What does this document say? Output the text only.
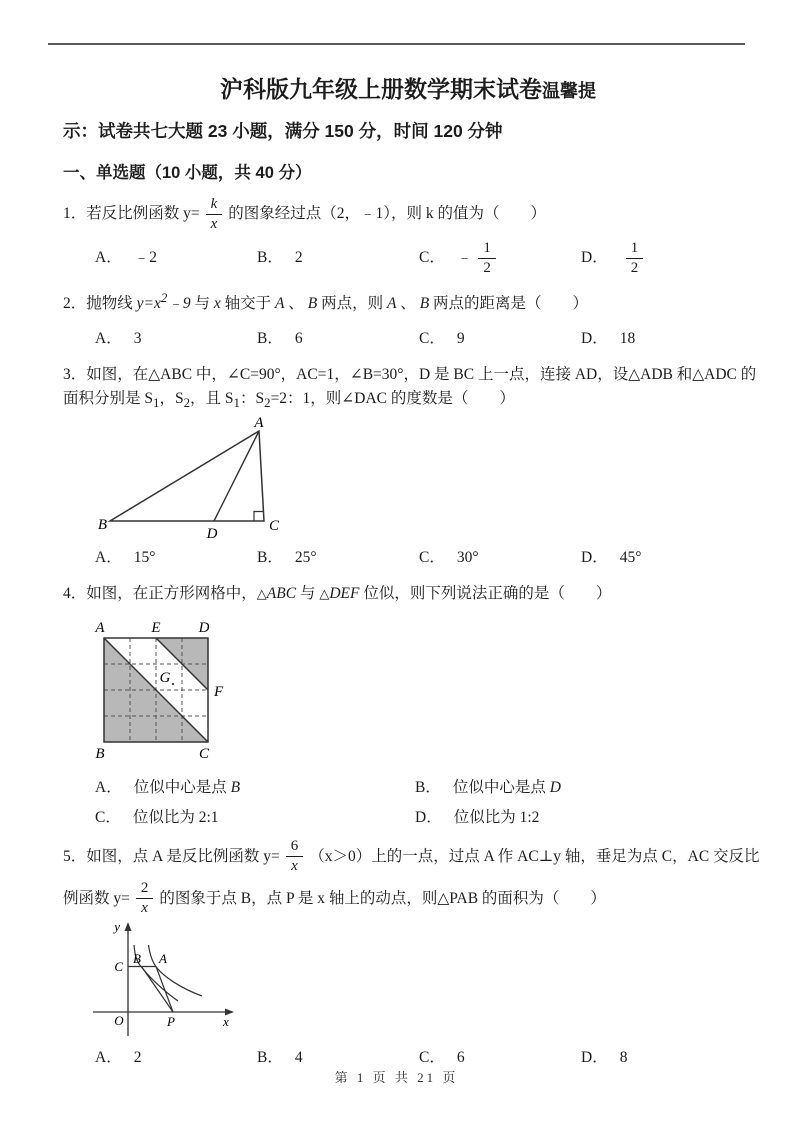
沪科版九年级上册数学期末试卷温馨提
示：试卷共七大题 23 小题，满分 150 分，时间 120 分钟
一、单选题（10 小题，共 40 分）
1．若反比例函数 $y= \frac{k}{x}$ 的图象经过点（2，﹣1），则 k 的值为（　　）
A． ﹣2	B． 2	C． ﹣ $\frac{1}{2}$	D． $\frac{1}{2}$
2．抛物线 $y=x^2﹣9$ 与 x 轴交于 A 、 B 两点，则 A 、 B 两点的距离是（　　）
A． 3	B． 6	C． 9	D． 18
3．如图，在△ABC 中，∠C=90°，AC=1，∠B=30°，D 是 BC 上一点，连接 AD，设△ADB 和△ADC 的
面积分别是 $S_1$，$S_2$，且 $S_1$：$S_2=2$：1，则∠DAC 的度数是（　　）
A
B	C
D
A． 15°	B． 25°	C． 30°	D． 45°
4．如图，在正方形网格中，△ABC 与 △DEF 位似，则下列说法正确的是（　　）
A	E	D
B	C
F
G
A． 位似中心是点 B	B． 位似中心是点 D
C． 位似比为 2:1	D． 位似比为 1:2
5．如图，点 A 是反比例函数 $y= \frac{6}{x} (x>0)$上的一点，过点 A 作 AC⊥y 轴，垂足为点 C，AC 交反比
例函数 $y= \frac{2}{x}$ 的图象于点 B，点 P 是 x 轴上的动点，则△PAB 的面积为（　　）
y
x
O
C
B A
P
A． 2	B． 4	C． 6	D． 8
第 1 页 共 21 页
